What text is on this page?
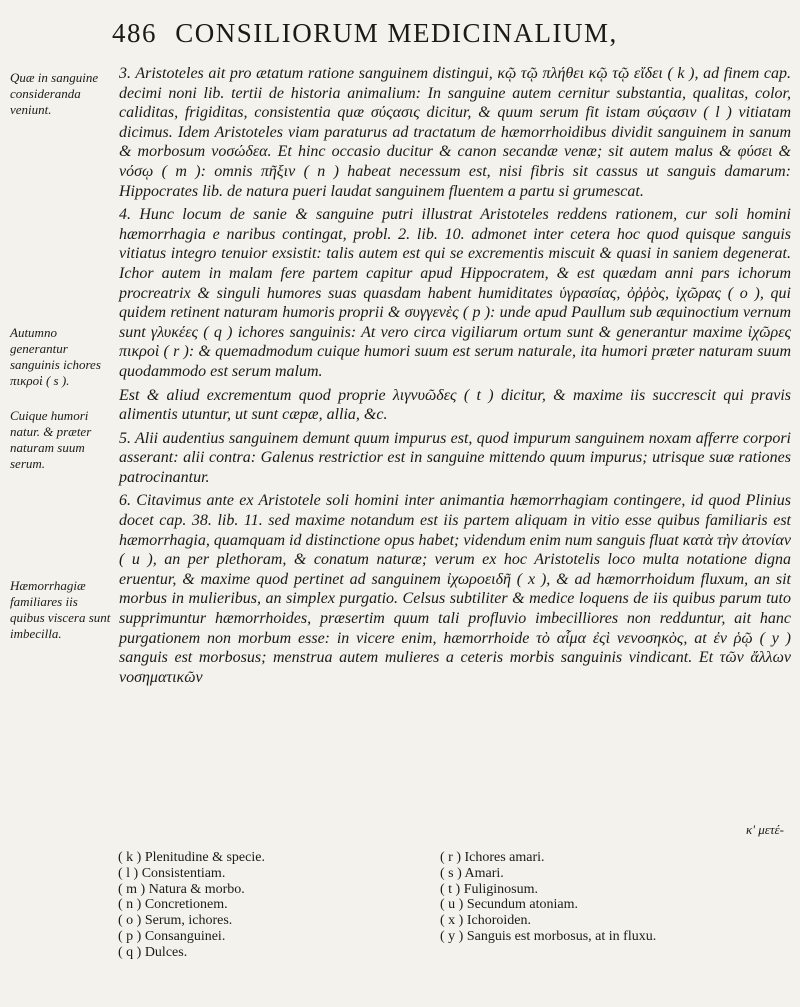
486 CONSILIORUM MEDICINALIUM,
Quæ in sanguine consideranda veniunt.
Autumno generantur sanguinis ichores πικροὶ ( s ).
Cuique humori natur. & præter naturam suum serum.
Hæmorrhagiæ familiares iis quibus viscera sunt imbecilla.

3. Aristoteles ait pro ætatum ratione sanguinem distingui, κῷ τῷ πλήθει κῷ τῷ εἴδει ( k ), ad finem cap. decimi noni lib. tertii de historia animalium: In sanguine autem cernitur substantia, qualitas, color, caliditas, frigiditas, consistentia quæ σύςασις dicitur, & quum serum fit istam σύςασιν ( l ) vitiatam dicimus. Idem Aristoteles viam paraturus ad tractatum de hæmorrhoidibus dividit sanguinem in sanum & morbosum νοσώδεα. Et hinc occasio ducitur & canon secandæ venæ; sit autem malus & φύσει & νόσῳ ( m ): omnis πῆξιν ( n ) habeat necessum est, nisi fibris sit cassus ut sanguis damarum: Hippocrates lib. de natura pueri laudat sanguinem fluentem a partu si grumescat.

4. Hunc locum de sanie & sanguine putri illustrat Aristoteles reddens rationem, cur soli homini hæmorrhagia e naribus contingat, probl. 2. lib. 10. admonet inter cetera hoc quod quisque sanguis vitiatus integro tenuior exsistit: talis autem est qui se excrementis miscuit & quasi in saniem degenerat. Ichor autem in malam fere partem capitur apud Hippocratem, & est quædam anni pars ichorum procreatrix & singuli humores suas quasdam habent humiditates ὑγρασίας, ὀῤῥὸς, ἰχῶρας ( o ), qui quidem retinent naturam humoris proprii & συγγενὲς ( p ): unde apud Paullum sub æquinoctium vernum sunt γλυκέες ( q ) ichores sanguinis: At vero circa vigiliarum ortum sunt & generantur maxime ἰχῶρες πικροὶ ( r ): & quemadmodum cuique humori suum est serum naturale, ita humori præter naturam suum quodammodo est serum malum.

Est & aliud excrementum quod proprie λιγνυῶδες ( t ) dicitur, & maxime iis succrescit qui pravis alimentis utuntur, ut sunt cæpæ, allia, &c.

5. Alii audentius sanguinem demunt quum impurus est, quod impurum sanguinem noxam afferre corpori asserant: alii contra: Galenus restrictior est in sanguine mittendo quum impurus; utrisque suæ rationes patrocinantur.

6. Citavimus ante ex Aristotele soli homini inter animantia hæmorrhagiam contingere, id quod Plinius docet cap. 38. lib. 11. sed maxime notandum est iis partem aliquam in vitio esse quibus familiaris est hæmorrhagia, quamquam id distinctione opus habet; videndum enim num sanguis fluat κατὰ τὴν ἀτονίαν ( u ), an per plethoram, & conatum naturæ; verum ex hoc Aristotelis loco multa notatione digna eruentur, & maxime quod pertinet ad sanguinem ἰχωροειδῆ ( x ), & ad hæmorrhoidum fluxum, an sit morbus in mulieribus, an simplex purgatio. Celsus subtiliter & medice loquens de iis quibus parum tuto supprimuntur hæmorrhoides, præsertim quum tali profluvio imbecilliores non redduntur, ait hanc purgationem non morbum esse: in vicere enim, hæmorrhoide τὸ αἷμα ἐςὶ νενοσηκὸς, at ἐν ῥῷ ( y ) sanguis est morbosus; menstrua autem mulieres a ceteris morbis sanguinis vindicant. Et τῶν ἄλλων νοσηματικῶν

κ' μετέ-
( k ) Plenitudine & specie.
( l ) Consistentiam.
( m ) Natura & morbo.
( n ) Concretionem.
( o ) Serum, ichores.
( p ) Consanguinei.
( q ) Dulces.
( r ) Ichores amari.
( s ) Amari.
( t ) Fuliginosum.
( u ) Secundum atoniam.
( x ) Ichoroiden.
( y ) Sanguis est morbosus, at in fluxu.
